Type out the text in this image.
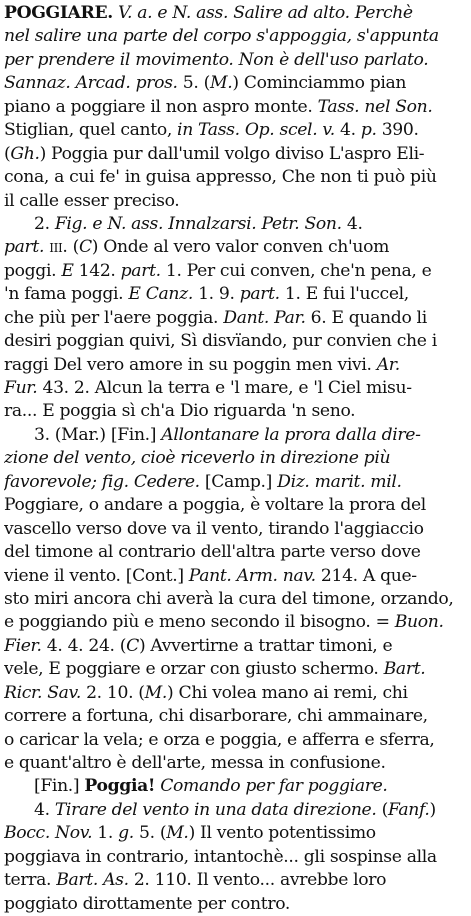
POGGIARE. V. a. e N. ass. Salire ad alto. Perchè
nel salire una parte del corpo s'appoggia, s'appunta
per prendere il movimento. Non è dell'uso parlato.
Sannaz. Arcad. pros. 5. (M.) Cominciammo pian
piano a poggiare il non aspro monte. Tass. nel Son.
Stiglian, quel canto, in Tass. Op. scel. v. 4. p. 390.
(Gh.) Poggia pur dall'umil volgo diviso L'aspro Eli-
cona, a cui fe' in guisa appresso, Che non ti può più
il calle esser preciso.
2. Fig. e N. ass. Innalzarsi. Petr. Son. 4.
part. iii. (C) Onde al vero valor conven ch'uom
poggi. E 142. part. 1. Per cui conven, che'n pena, e
'n fama poggi. E Canz. 1. 9. part. 1. E fui l'uccel,
che più per l'aere poggia. Dant. Par. 6. E quando li
desiri poggian quivi, Sì disvïando, pur convien che i
raggi Del vero amore in su poggin men vivi. Ar.
Fur. 43. 2. Alcun la terra e 'l mare, e 'l Ciel misu-
ra... E poggia sì ch'a Dio riguarda 'n seno.
3. (Mar.) [Fin.] Allontanare la prora dalla dire-
zione del vento, cioè riceverlo in direzione più
favorevole; fig. Cedere. [Camp.] Diz. marit. mil.
Poggiare, o andare a poggia, è voltare la prora del
vascello verso dove va il vento, tirando l'aggiaccio
del timone al contrario dell'altra parte verso dove
viene il vento. [Cont.] Pant. Arm. nav. 214. A que-
sto miri ancora chi averà la cura del timone, orzando,
e poggiando più e meno secondo il bisogno. = Buon.
Fier. 4. 4. 24. (C) Avvertirne a trattar timoni, e
vele, E poggiare e orzar con giusto schermo. Bart.
Ricr. Sav. 2. 10. (M.) Chi volea mano ai remi, chi
correre a fortuna, chi disarborare, chi ammainare,
o caricar la vela; e orza e poggia, e afferra e sferra,
e quant'altro è dell'arte, messa in confusione.
[Fin.] Poggia! Comando per far poggiare.
4. Tirare del vento in una data direzione. (Fanf.)
Bocc. Nov. 1. g. 5. (M.) Il vento potentissimo
poggiava in contrario, intantochè... gli sospinse alla
terra. Bart. As. 2. 110. Il vento... avrebbe loro
poggiato dirottamente per contro.
